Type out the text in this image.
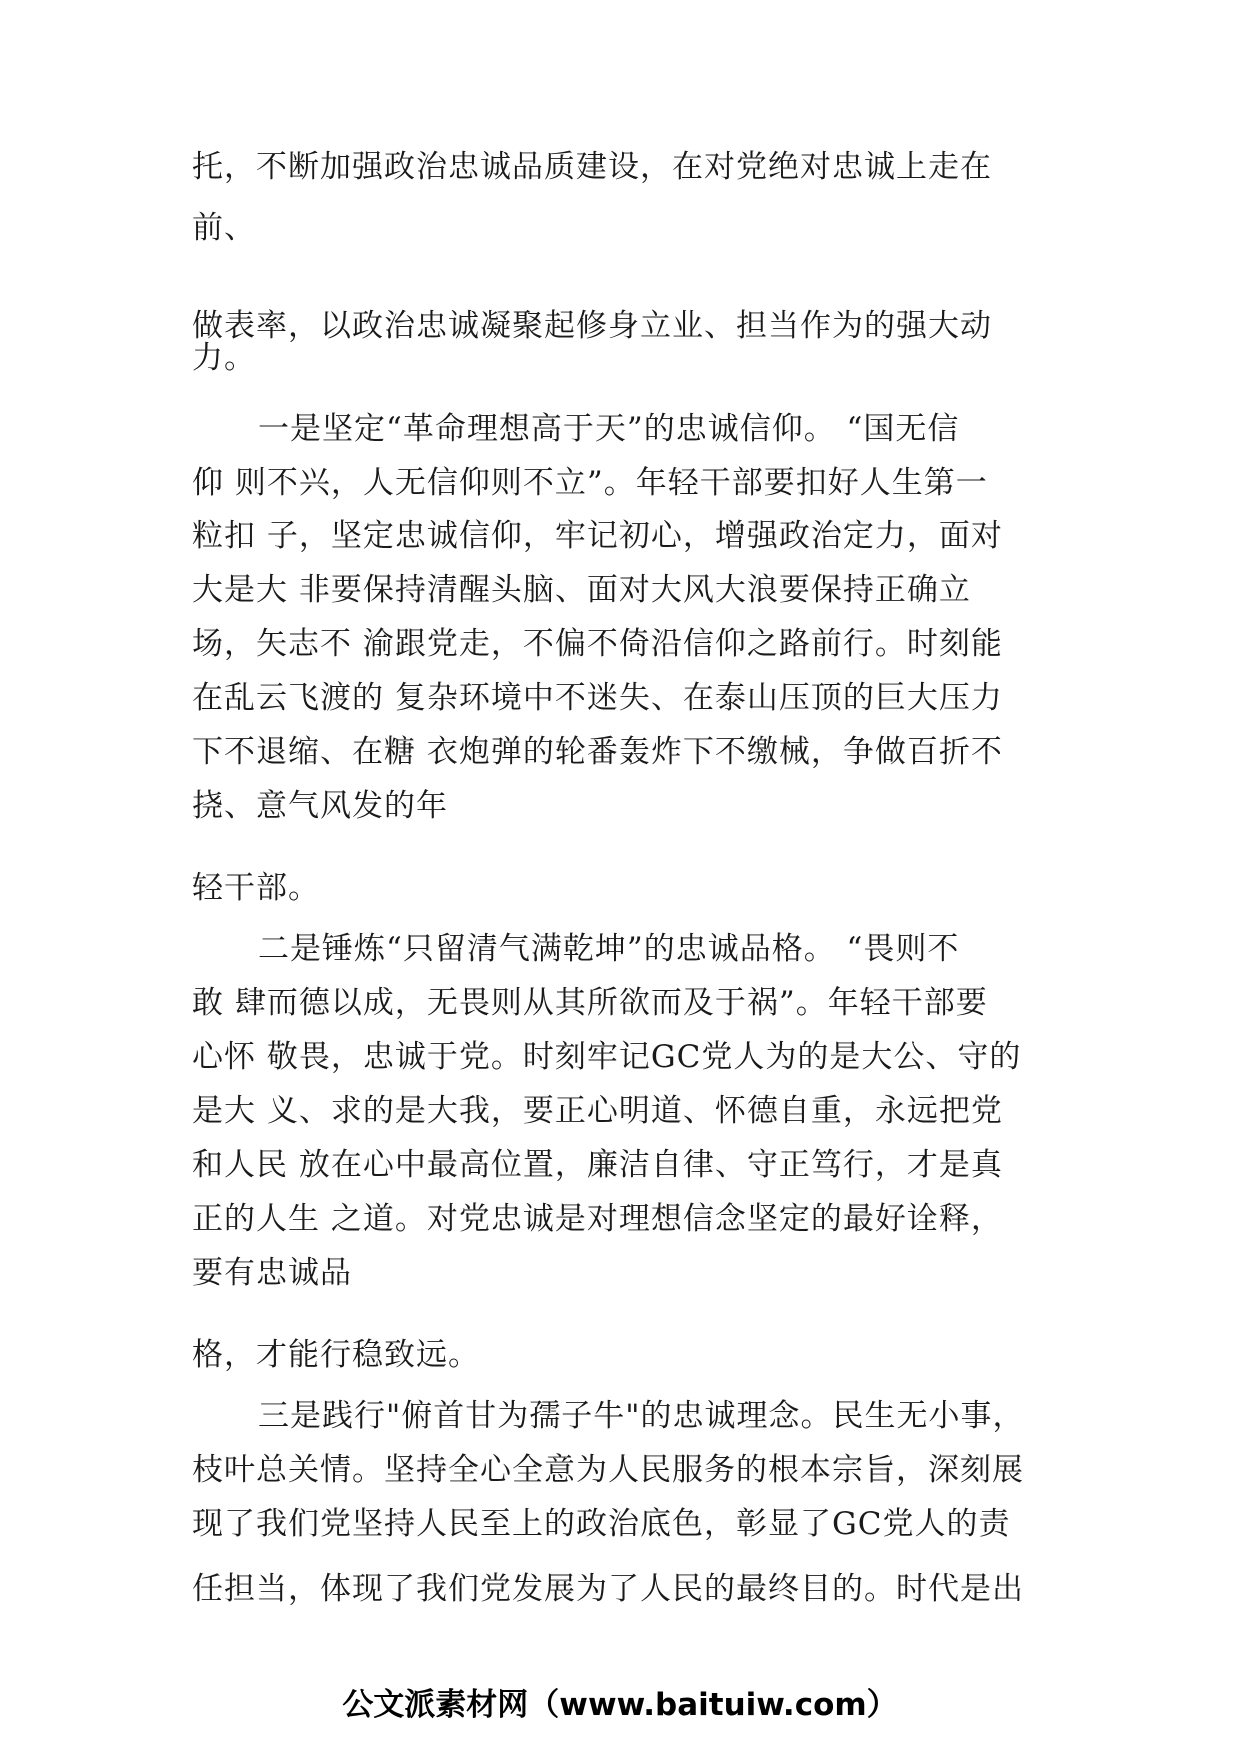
托，不断加强政治忠诚品质建设，在对党绝对忠诚上走在
前、
做表率，以政治忠诚凝聚起修身立业、担当作为的强大动
力。
一是坚定“革命理想高于天”的忠诚信仰。 “国无信
仰 则不兴，人无信仰则不立”。年轻干部要扣好人生第一
粒扣 子，坚定忠诚信仰，牢记初心，增强政治定力，面对
大是大 非要保持清醒头脑、面对大风大浪要保持正确立
场，矢志不 渝跟党走，不偏不倚沿信仰之路前行。时刻能
在乱云飞渡的 复杂环境中不迷失、在泰山压顶的巨大压力
下不退缩、在糖 衣炮弹的轮番轰炸下不缴械，争做百折不
挠、意气风发的年
轻干部。
二是锤炼“只留清气满乾坤”的忠诚品格。 “畏则不
敢 肆而德以成，无畏则从其所欲而及于祸”。年轻干部要
心怀 敬畏，忠诚于党。时刻牢记GC党人为的是大公、守的
是大 义、求的是大我，要正心明道、怀德自重，永远把党
和人民 放在心中最高位置，廉洁自律、守正笃行，才是真
正的人生 之道。对党忠诚是对理想信念坚定的最好诠释，
要有忠诚品
格，才能行稳致远。
三是践行"俯首甘为孺子牛"的忠诚理念。民生无小事，
枝叶总关情。坚持全心全意为人民服务的根本宗旨，深刻展
现了我们党坚持人民至上的政治底色，彰显了GC党人的责
任担当，体现了我们党发展为了人民的最终目的。时代是出
公文派素材网（www.baituiw.com）
